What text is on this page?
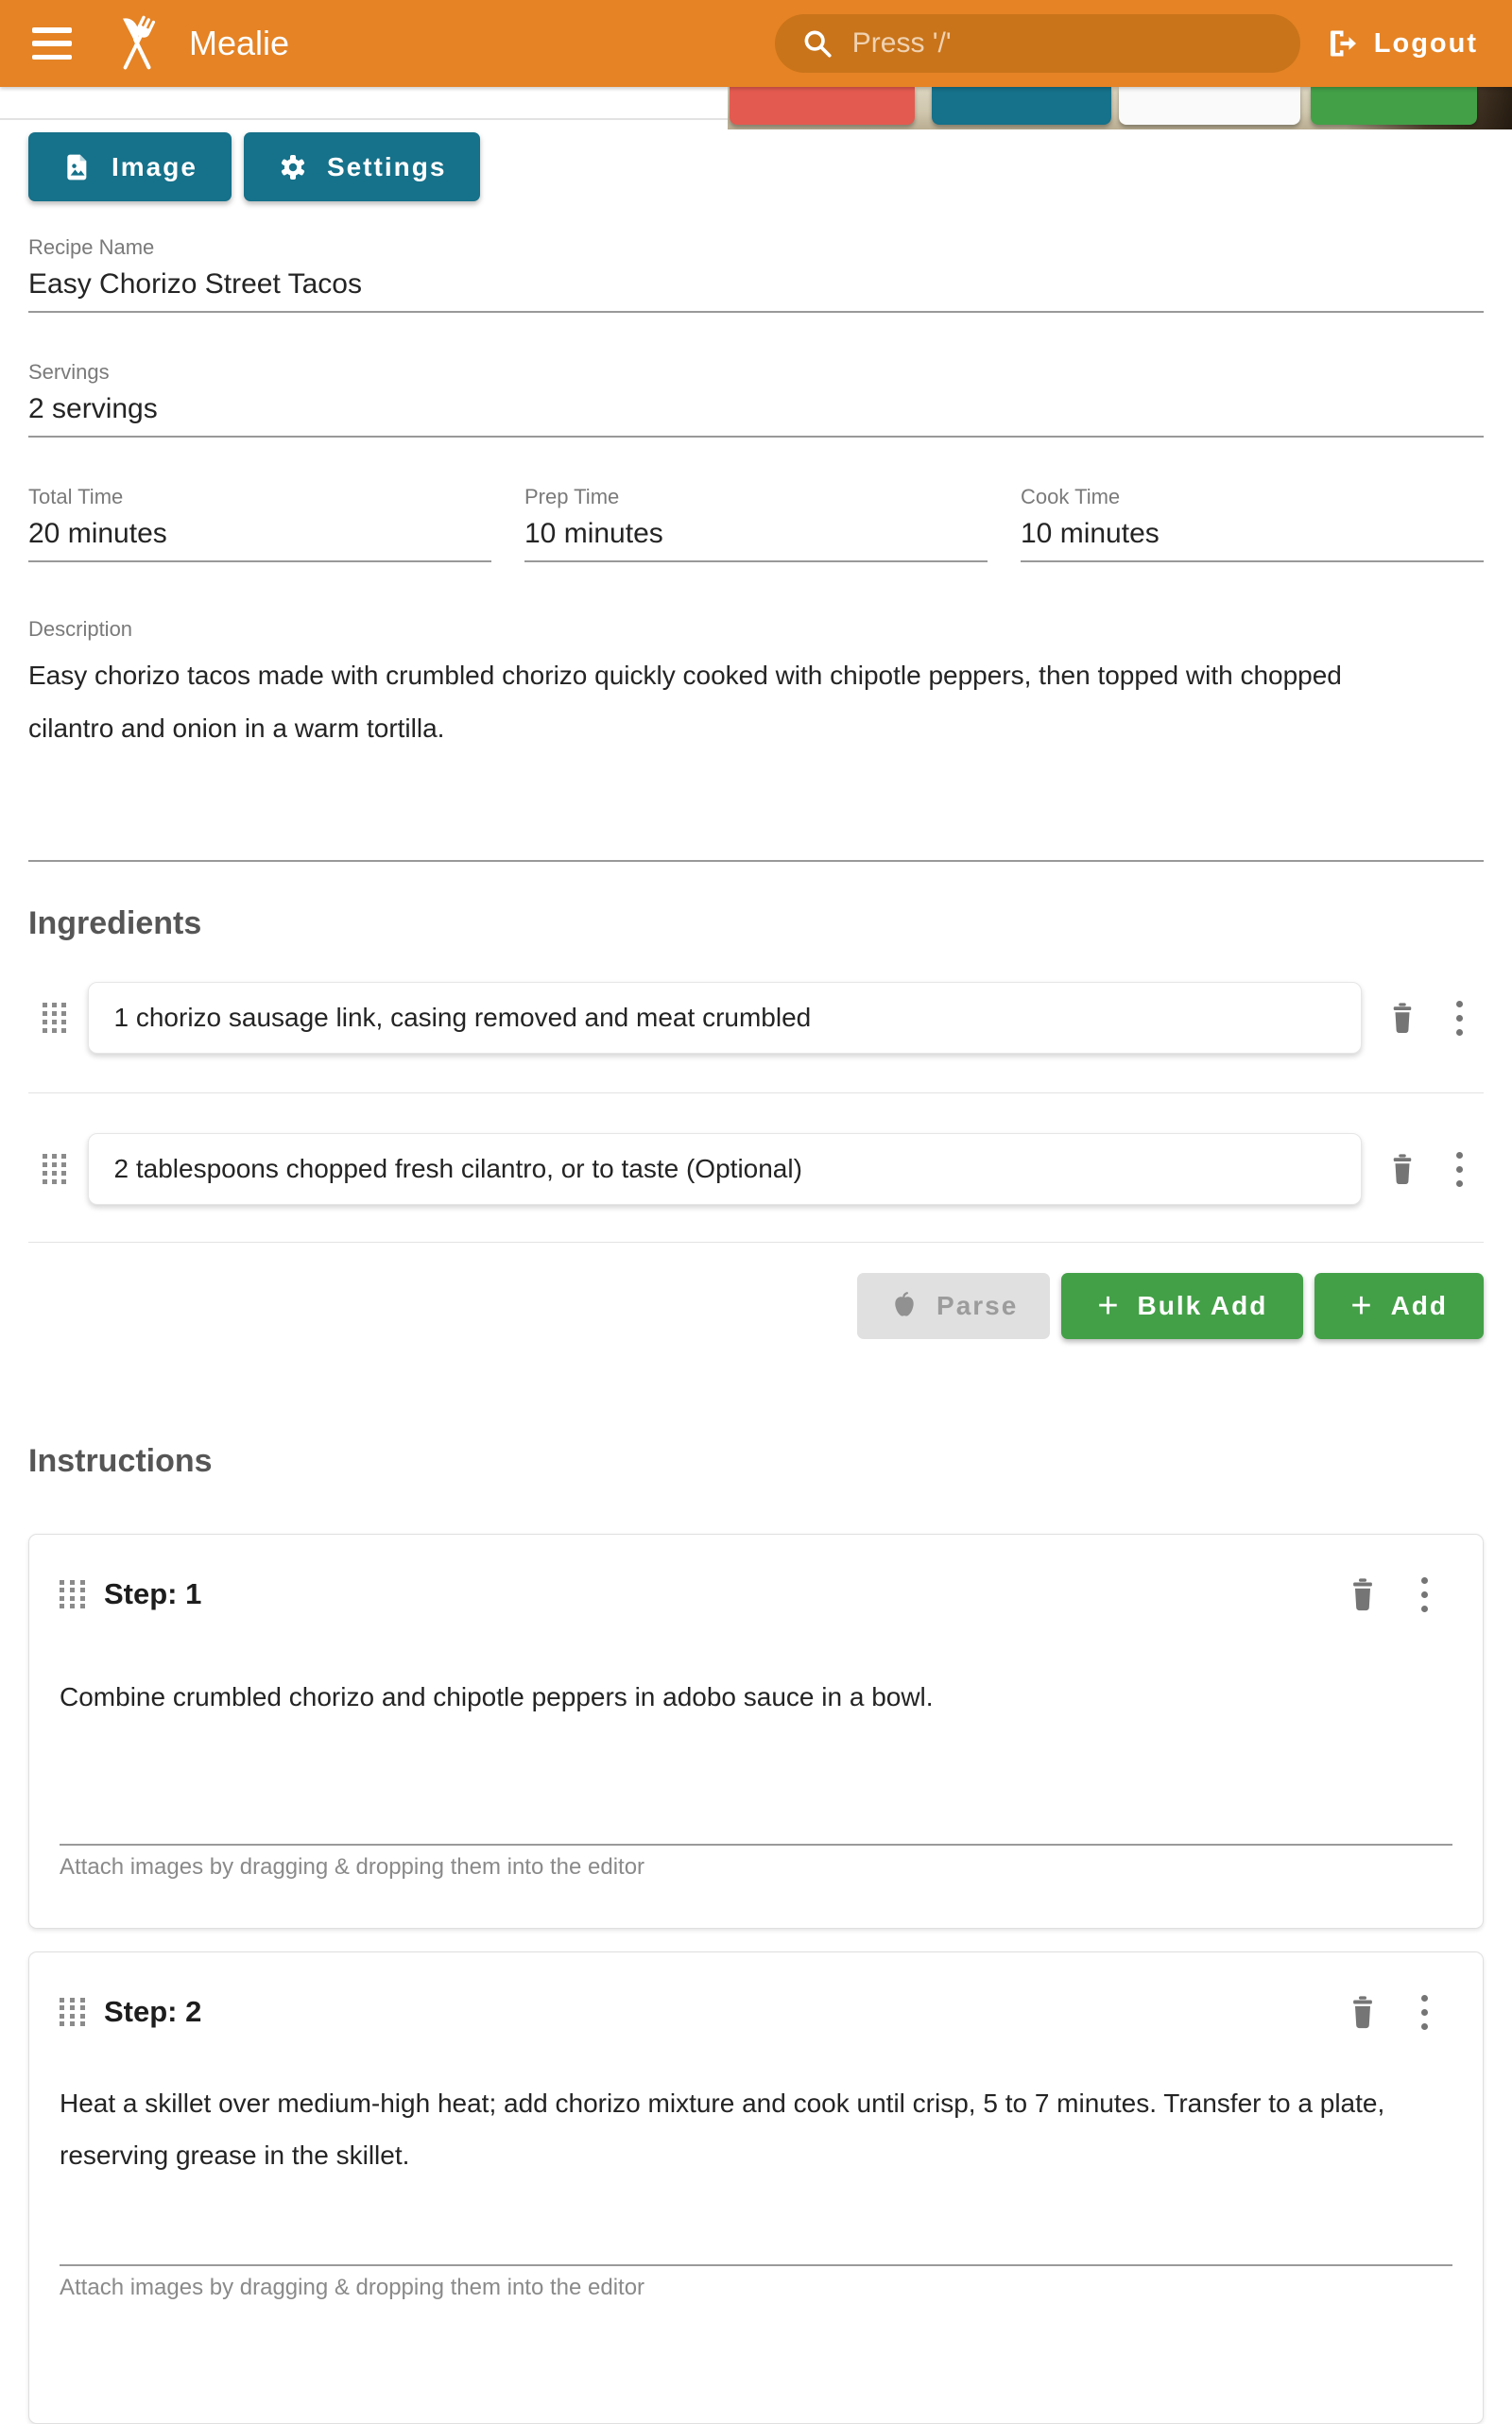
Mealie
Press '/'	Logout
Image	Settings
Recipe Name
Easy Chorizo Street Tacos
Servings
2 servings
Total Time
20 minutes
Prep Time
10 minutes
Cook Time
10 minutes
Description
Easy chorizo tacos made with crumbled chorizo quickly cooked with chipotle peppers, then topped with chopped cilantro and onion in a warm tortilla.
Ingredients
1 chorizo sausage link, casing removed and meat crumbled
2 tablespoons chopped fresh cilantro, or to taste (Optional)
Parse + Bulk Add + Add
Instructions
Step: 1
Combine crumbled chorizo and chipotle peppers in adobo sauce in a bowl.
Attach images by dragging & dropping them into the editor
Step: 2
Heat a skillet over medium-high heat; add chorizo mixture and cook until crisp, 5 to 7 minutes. Transfer to a plate, reserving grease in the skillet.
Attach images by dragging & dropping them into the editor
